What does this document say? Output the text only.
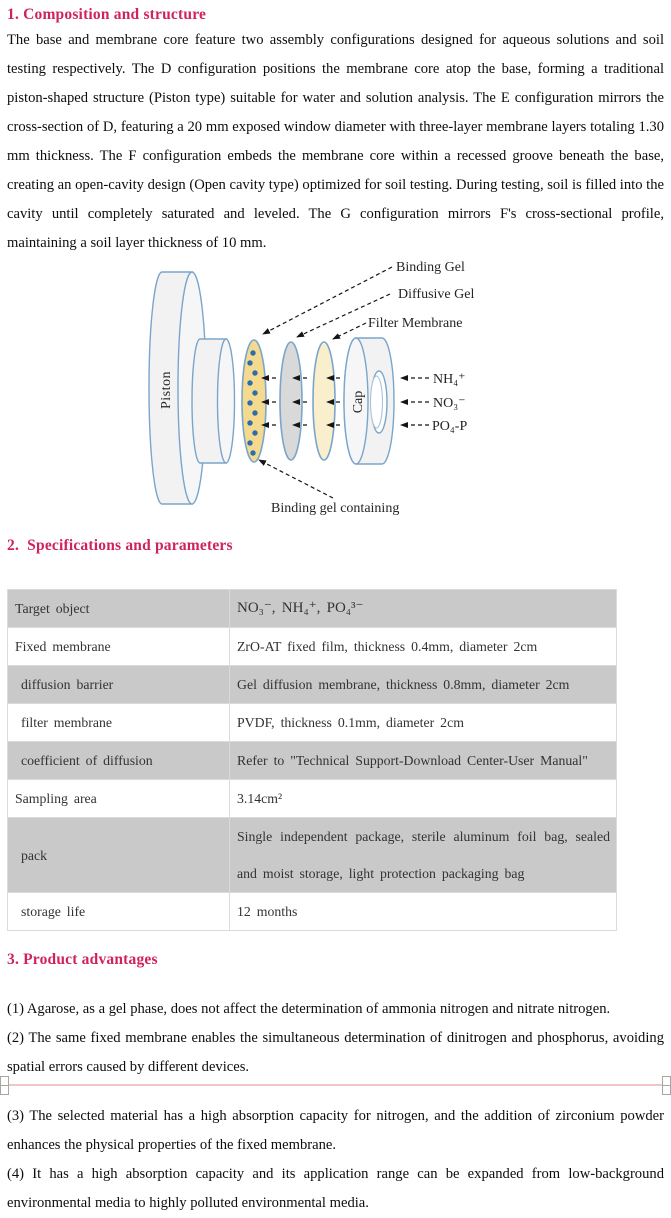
1. Composition and structure
The base and membrane core feature two assembly configurations designed for aqueous solutions and soil testing respectively. The D configuration positions the membrane core atop the base, forming a traditional piston-shaped structure (Piston type) suitable for water and solution analysis. The E configuration mirrors the cross-section of D, featuring a 20 mm exposed window diameter with three-layer membrane layers totaling 1.30 mm thickness. The F configuration embeds the membrane core within a recessed groove beneath the base, creating an open-cavity design (Open cavity type) optimized for soil testing. During testing, soil is filled into the cavity until completely saturated and leveled. The G configuration mirrors F's cross-sectional profile, maintaining a soil layer thickness of 10 mm.
Piston	Cap
Binding Gel
Diffusive Gel
Filter Membrane
NH₄⁺
NO₃⁻
PO₄-P
Binding gel containing
2.  Specifications and parameters
Target object	NO₃⁻, NH₄⁺, PO₄³⁻
Fixed membrane	ZrO-AT fixed film, thickness 0.4mm, diameter 2cm
diffusion barrier	Gel diffusion membrane, thickness 0.8mm, diameter 2cm
filter membrane	PVDF, thickness 0.1mm, diameter 2cm
coefficient of diffusion	Refer to "Technical Support-Download Center-User Manual"
Sampling area	3.14cm²
pack	Single independent package, sterile aluminum foil bag, sealed and moist storage, light protection packaging bag
storage life	12 months
3. Product advantages

(1) Agarose, as a gel phase, does not affect the determination of ammonia nitrogen and nitrate nitrogen.

(2) The same fixed membrane enables the simultaneous determination of dinitrogen and phosphorus, avoiding spatial errors caused by different devices.

(3) The selected material has a high absorption capacity for nitrogen, and the addition of zirconium powder enhances the physical properties of the fixed membrane.

(4) It has a high absorption capacity and its application range can be expanded from low-background environmental media to highly polluted environmental media.
